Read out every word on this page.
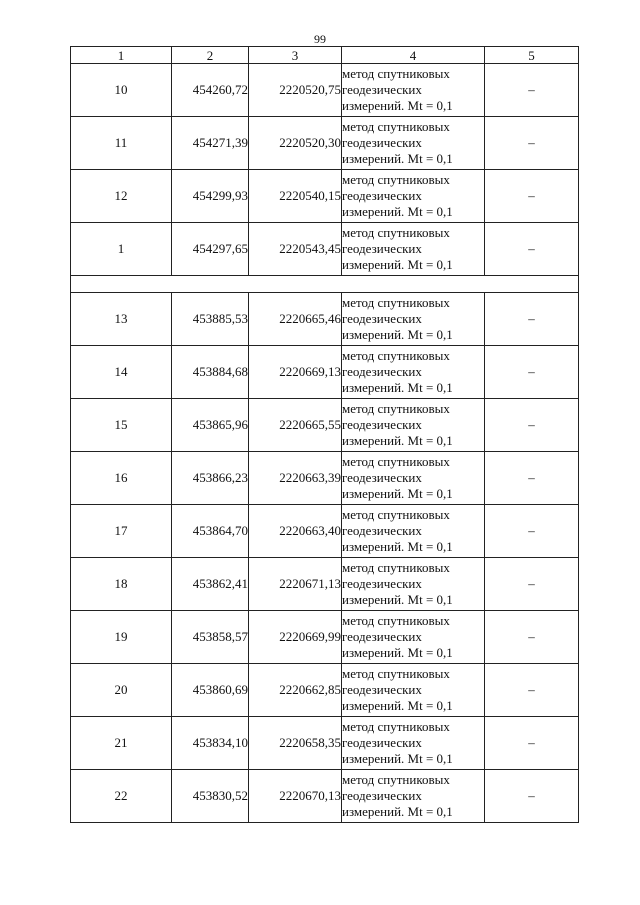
99
1	2	3	4	5
10	454260,72	2220520,75	метод спутниковых
геодезических
измерений. Mt = 0,1	–
11	454271,39	2220520,30	метод спутниковых
геодезических
измерений. Mt = 0,1	–
12	454299,93	2220540,15	метод спутниковых
геодезических
измерений. Mt = 0,1	–
1	454297,65	2220543,45	метод спутниковых
геодезических
измерений. Mt = 0,1	–

13	453885,53	2220665,46	метод спутниковых
геодезических
измерений. Mt = 0,1	–
14	453884,68	2220669,13	метод спутниковых
геодезических
измерений. Mt = 0,1	–
15	453865,96	2220665,55	метод спутниковых
геодезических
измерений. Mt = 0,1	–
16	453866,23	2220663,39	метод спутниковых
геодезических
измерений. Mt = 0,1	–
17	453864,70	2220663,40	метод спутниковых
геодезических
измерений. Mt = 0,1	–
18	453862,41	2220671,13	метод спутниковых
геодезических
измерений. Mt = 0,1	–
19	453858,57	2220669,99	метод спутниковых
геодезических
измерений. Mt = 0,1	–
20	453860,69	2220662,85	метод спутниковых
геодезических
измерений. Mt = 0,1	–
21	453834,10	2220658,35	метод спутниковых
геодезических
измерений. Mt = 0,1	–
22	453830,52	2220670,13	метод спутниковых
геодезических
измерений. Mt = 0,1	–
